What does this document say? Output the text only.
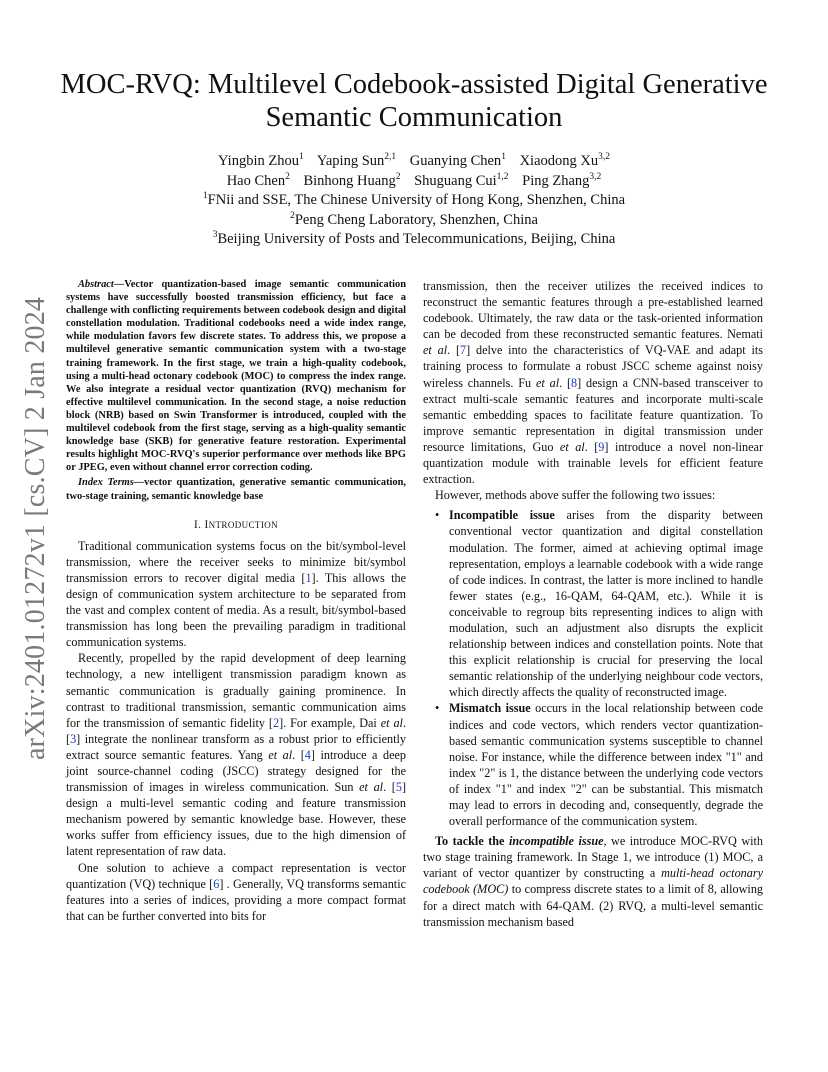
arXiv:2401.01272v1 [cs.CV] 2 Jan 2024
MOC-RVQ: Multilevel Codebook-assisted Digital Generative
Semantic Communication
Yingbin Zhou$^1$ Yaping Sun$^{2,1}$ Guanying Chen$^1$ Xiaodong Xu$^{3,2}$
Hao Chen$^2$ Binhong Huang$^2$ Shuguang Cui$^{1,2}$ Ping Zhang$^{3,2}$
$^1$FNii and SSE, The Chinese University of Hong Kong, Shenzhen, China
$^2$Peng Cheng Laboratory, Shenzhen, China
$^3$Beijing University of Posts and Telecommunications, Beijing, China

Abstract—Vector quantization-based image semantic communication systems have successfully boosted transmission efficiency, but face a challenge with conflicting requirements between codebook design and digital constellation modulation. Traditional codebooks need a wide index range, while modulation favors few discrete states. To address this, we propose a multilevel generative semantic communication system with a two-stage training framework. In the first stage, we train a high-quality codebook, using a multi-head octonary codebook (MOC) to compress the index range. We also integrate a residual vector quantization (RVQ) mechanism for effective multilevel communication. In the second stage, a noise reduction block (NRB) based on Swin Transformer is introduced, coupled with the multilevel codebook from the first stage, serving as a high-quality semantic knowledge base (SKB) for generative feature restoration. Experimental results highlight MOC-RVQ's superior performance over methods like BPG or JPEG, even without channel error correction coding.

Index Terms—vector quantization, generative semantic communication, two-stage training, semantic knowledge base

I. INTRODUCTION

Traditional communication systems focus on the bit/symbol-level transmission, where the receiver seeks to minimize bit/symbol transmission errors to recover digital media [1]. This allows the design of communication system architecture to be separated from the vast and complex content of media. As a result, bit/symbol-based transmission has long been the prevailing paradigm in traditional communication systems.

Recently, propelled by the rapid development of deep learning technology, a new intelligent transmission paradigm known as semantic communication is gradually gaining prominence. In contrast to traditional transmission, semantic communication aims for the transmission of semantic fidelity [2]. For example, Dai et al. [3] integrate the nonlinear transform as a robust prior to efficiently extract source semantic features. Yang et al. [4] introduce a deep joint source-channel coding (JSCC) strategy designed for the transmission of images in wireless communication. Sun et al. [5] design a multi-level semantic coding and feature transmission mechanism powered by semantic knowledge base. However, these works suffer from efficiency issues, due to the high dimension of latent representation of raw data.

One solution to achieve a compact representation is vector quantization (VQ) technique [6] . Generally, VQ transforms semantic features into a series of indices, providing a more compact format that can be further converted into bits for

transmission, then the receiver utilizes the received indices to reconstruct the semantic features through a pre-established learned codebook. Ultimately, the raw data or the task-oriented information can be decoded from these reconstructed semantic features. Nemati et al. [7] delve into the characteristics of VQ-VAE and adapt its training process to formulate a robust JSCC scheme against noisy wireless channels. Fu et al. [8] design a CNN-based transceiver to extract multi-scale semantic features and incorporate multi-scale semantic embedding spaces to facilitate feature quantization. To improve semantic representation in digital transmission under resource limitations, Guo et al. [9] introduce a novel non-linear quantization module with trainable levels for efficient feature extraction.

However, methods above suffer the following two issues:

• Incompatible issue arises from the disparity between conventional vector quantization and digital constellation modulation. The former, aimed at achieving optimal image representation, employs a learnable codebook with a wide range of code indices. In contrast, the latter is more inclined to handle fewer states (e.g., 16-QAM, 64-QAM, etc.). While it is conceivable to regroup bits representing indices to align with modulation, such an adjustment also disrupts the explicit relationship between indices and constellation points. Note that this explicit relationship is crucial for preserving the local semantic relationship of the underlying neighbour code vectors, which directly affects the quality of reconstructed image.
• Mismatch issue occurs in the local relationship between code indices and code vectors, which renders vector quantization-based semantic communication systems susceptible to channel noise. For instance, while the difference between index "1" and index "2" is 1, the distance between the underlying code vectors of index "1" and index "2" can be substantial. This mismatch may lead to errors in decoding and, consequently, degrade the overall performance of the communication system.

To tackle the incompatible issue, we introduce MOC-RVQ with two stage training framework. In Stage 1, we introduce (1) MOC, a variant of vector quantizer by constructing a multi-head octonary codebook (MOC) to compress discrete states to a limit of 8, allowing for a direct match with 64-QAM. (2) RVQ, a multi-level semantic transmission mechanism based
